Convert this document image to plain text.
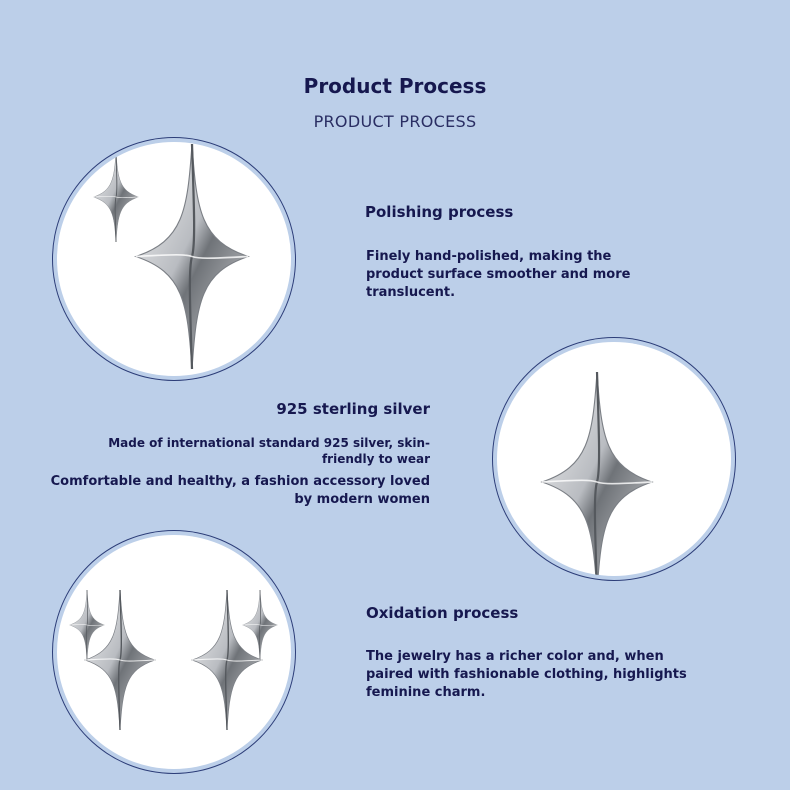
Product Process
PRODUCT PROCESS
Polishing process
Finely hand-polished, making the product surface smoother and more translucent.
925 sterling silver
Made of international standard 925 silver, skin-friendly to wear
Comfortable and healthy, a fashion accessory loved by modern women
Oxidation process
The jewelry has a richer color and, when paired with fashionable clothing, highlights feminine charm.
